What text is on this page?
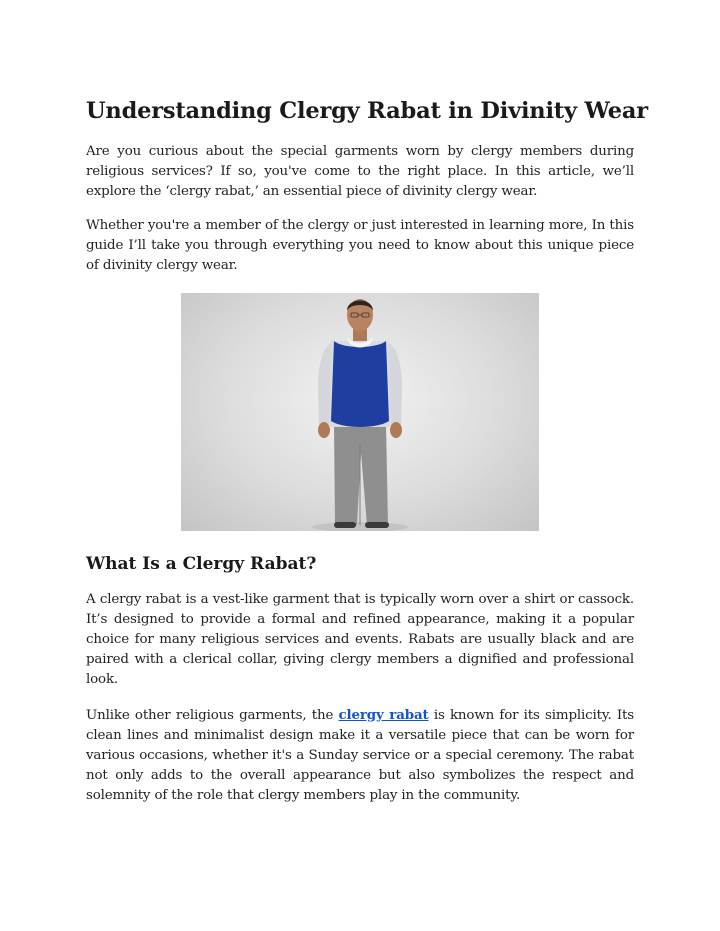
Understanding Clergy Rabat in Divinity Wear

Are you curious about the special garments worn by clergy members during religious services? If so, you've come to the right place. In this article, we’ll explore the ‘clergy rabat,’ an essential piece of divinity clergy wear.

Whether you're a member of the clergy or just interested in learning more, In this guide I’ll take you through everything you need to know about this unique piece of divinity clergy wear.

What Is a Clergy Rabat?

A clergy rabat is a vest-like garment that is typically worn over a shirt or cassock. It’s designed to provide a formal and refined appearance, making it a popular choice for many religious services and events. Rabats are usually black and are paired with a clerical collar, giving clergy members a dignified and professional look.

Unlike other religious garments, the clergy rabat is known for its simplicity. Its clean lines and minimalist design make it a versatile piece that can be worn for various occasions, whether it's a Sunday service or a special ceremony. The rabat not only adds to the overall appearance but also symbolizes the respect and solemnity of the role that clergy members play in the community.
